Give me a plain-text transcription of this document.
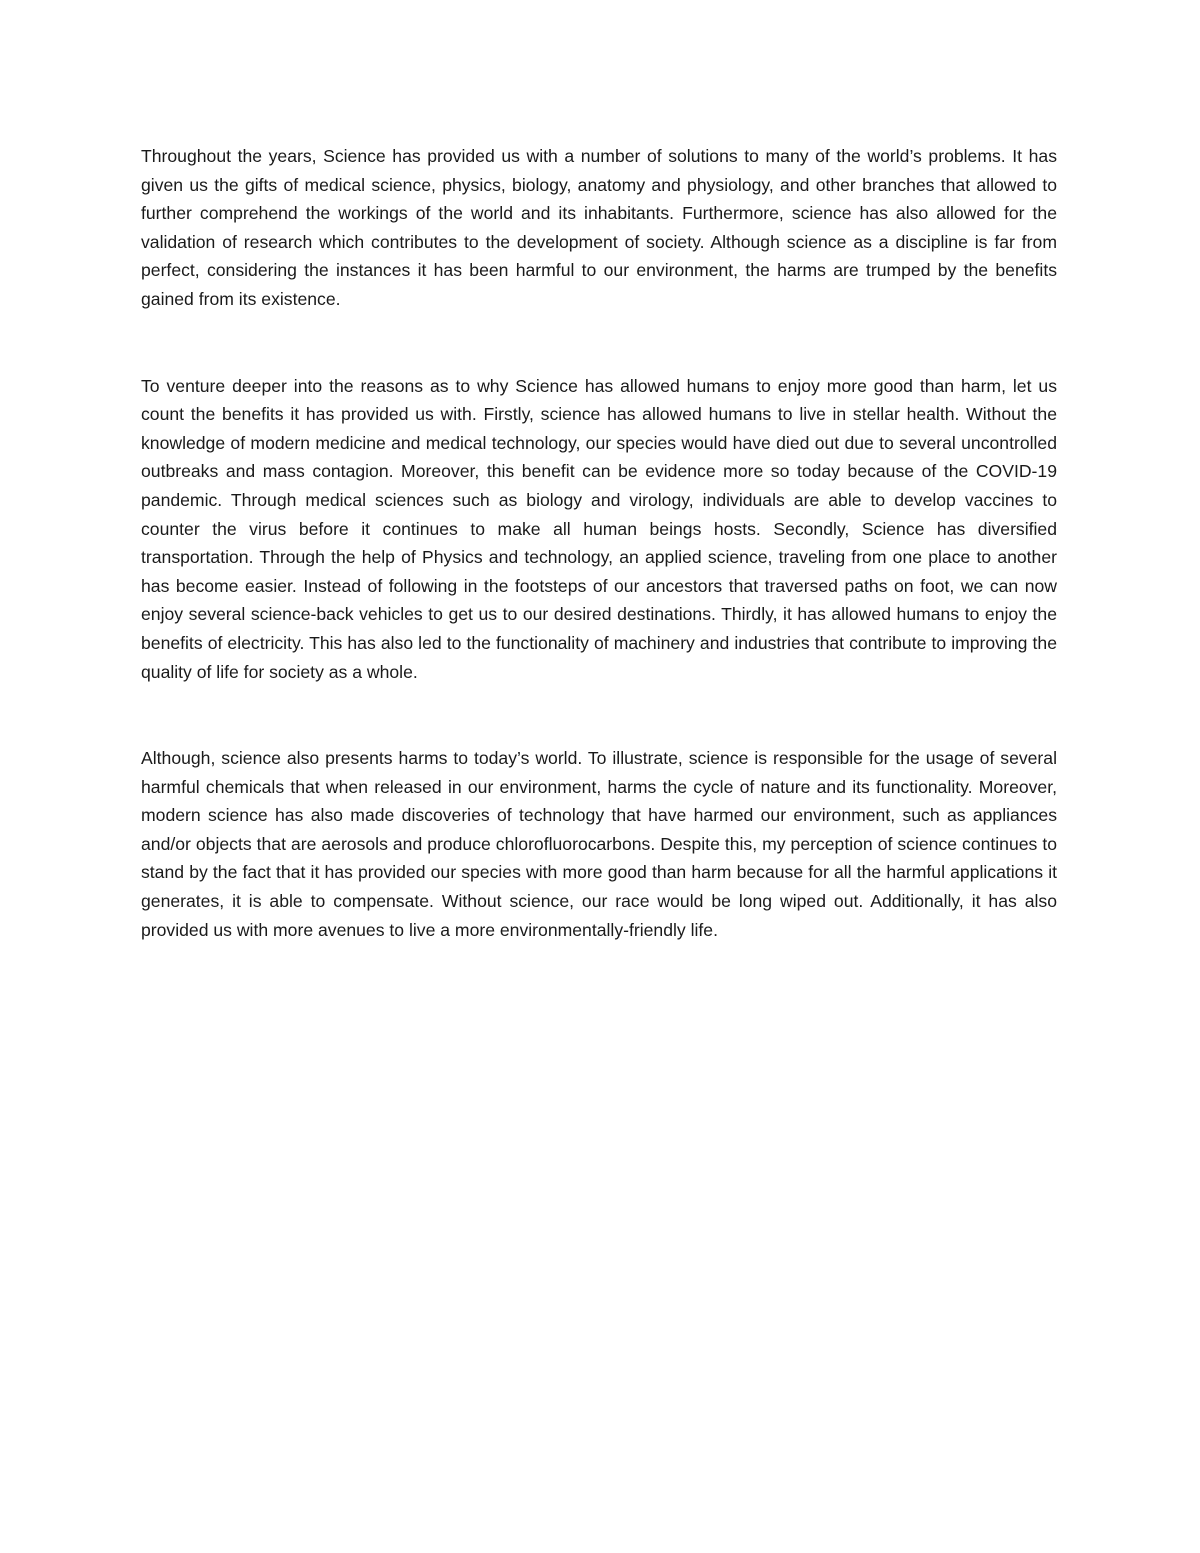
Throughout the years, Science has provided us with a number of solutions to many of the world’s problems. It has given us the gifts of medical science, physics, biology, anatomy and physiology, and other branches that allowed to further comprehend the workings of the world and its inhabitants. Furthermore, science has also allowed for the validation of research which contributes to the development of society. Although science as a discipline is far from perfect, considering the instances it has been harmful to our environment, the harms are trumped by the benefits gained from its existence.

To venture deeper into the reasons as to why Science has allowed humans to enjoy more good than harm, let us count the benefits it has provided us with. Firstly, science has allowed humans to live in stellar health. Without the knowledge of modern medicine and medical technology, our species would have died out due to several uncontrolled outbreaks and mass contagion. Moreover, this benefit can be evidence more so today because of the COVID-19 pandemic. Through medical sciences such as biology and virology, individuals are able to develop vaccines to counter the virus before it continues to make all human beings hosts. Secondly, Science has diversified transportation. Through the help of Physics and technology, an applied science, traveling from one place to another has become easier. Instead of following in the footsteps of our ancestors that traversed paths on foot, we can now enjoy several science-back vehicles to get us to our desired destinations. Thirdly, it has allowed humans to enjoy the benefits of electricity. This has also led to the functionality of machinery and industries that contribute to improving the quality of life for society as a whole.

Although, science also presents harms to today’s world. To illustrate, science is responsible for the usage of several harmful chemicals that when released in our environment, harms the cycle of nature and its functionality. Moreover, modern science has also made discoveries of technology that have harmed our environment, such as appliances and/or objects that are aerosols and produce chlorofluorocarbons. Despite this, my perception of science continues to stand by the fact that it has provided our species with more good than harm because for all the harmful applications it generates, it is able to compensate. Without science, our race would be long wiped out. Additionally, it has also provided us with more avenues to live a more environmentally-friendly life.
